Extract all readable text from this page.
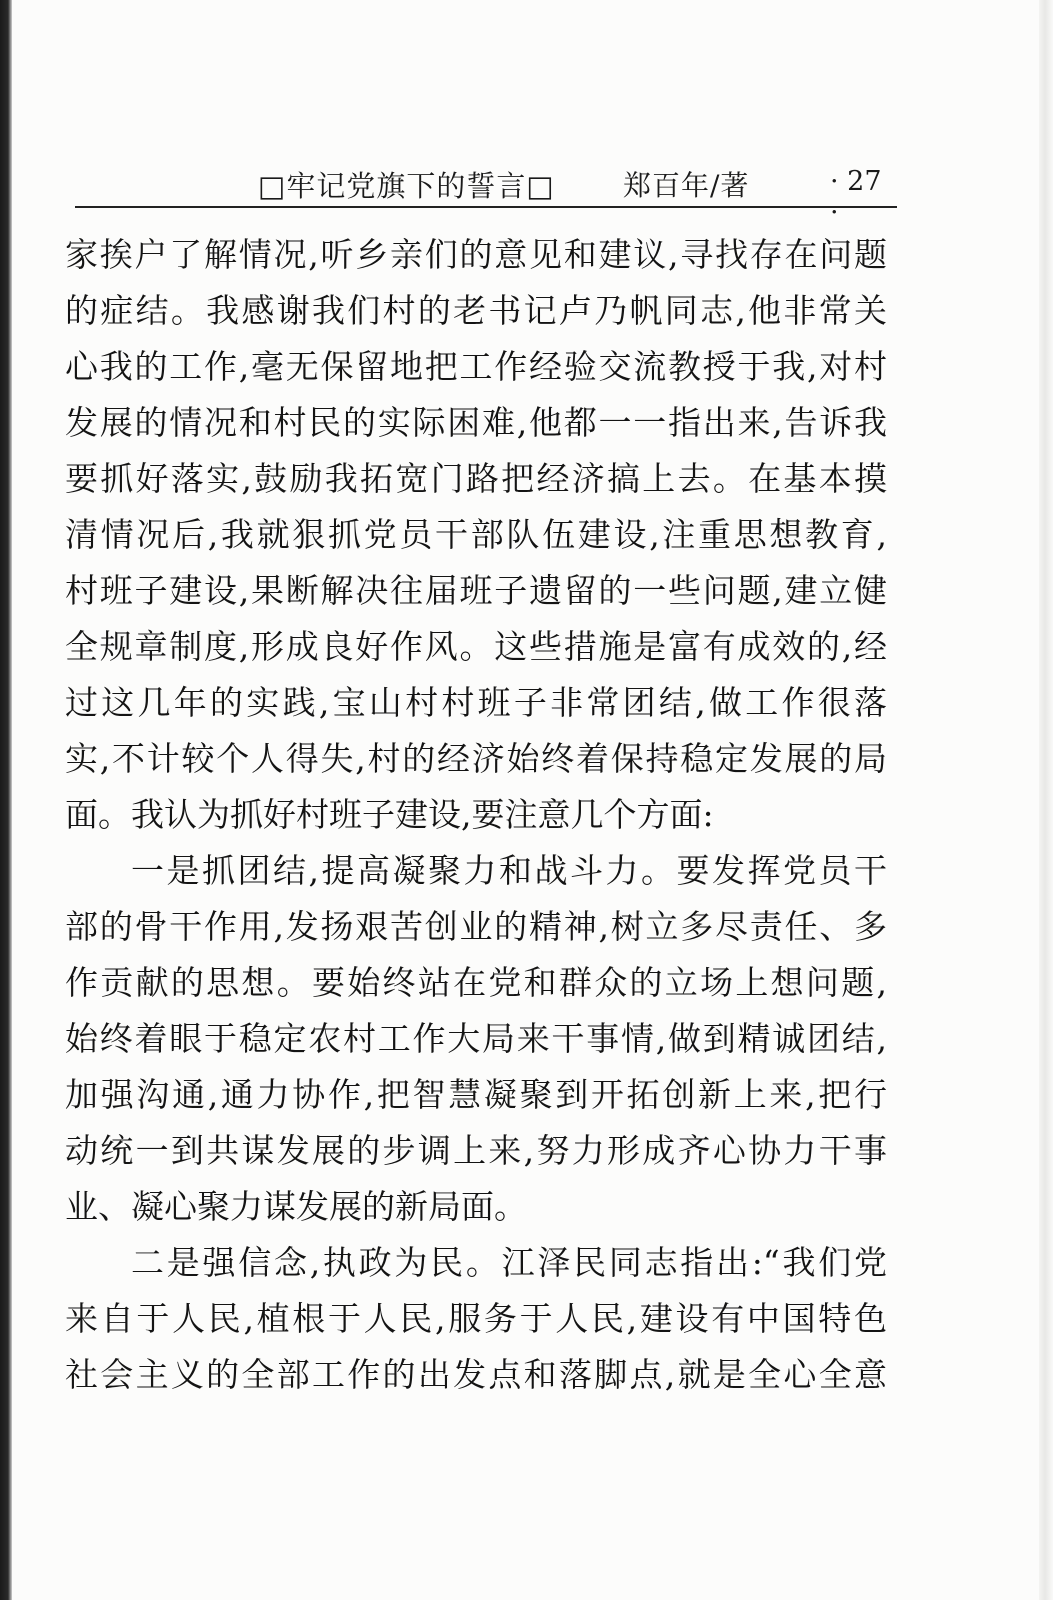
□牢记党旗下的誓言□ 郑百年/著	· 27 ·
家挨户了解情况,听乡亲们的意见和建议,寻找存在问题
的症结。我感谢我们村的老书记卢乃帆同志,他非常关
心我的工作,毫无保留地把工作经验交流教授于我,对村
发展的情况和村民的实际困难,他都一一指出来,告诉我
要抓好落实,鼓励我拓宽门路把经济搞上去。在基本摸
清情况后,我就狠抓党员干部队伍建设,注重思想教育,
村班子建设,果断解决往届班子遗留的一些问题,建立健
全规章制度,形成良好作风。这些措施是富有成效的,经
过这几年的实践,宝山村村班子非常团结,做工作很落
实,不计较个人得失,村的经济始终着保持稳定发展的局
面。我认为抓好村班子建设,要注意几个方面:
一是抓团结,提高凝聚力和战斗力。要发挥党员干
部的骨干作用,发扬艰苦创业的精神,树立多尽责任、多
作贡献的思想。要始终站在党和群众的立场上想问题,
始终着眼于稳定农村工作大局来干事情,做到精诚团结,
加强沟通,通力协作,把智慧凝聚到开拓创新上来,把行
动统一到共谋发展的步调上来,努力形成齐心协力干事
业、凝心聚力谋发展的新局面。
二是强信念,执政为民。江泽民同志指出:“我们党
来自于人民,植根于人民,服务于人民,建设有中国特色
社会主义的全部工作的出发点和落脚点,就是全心全意
